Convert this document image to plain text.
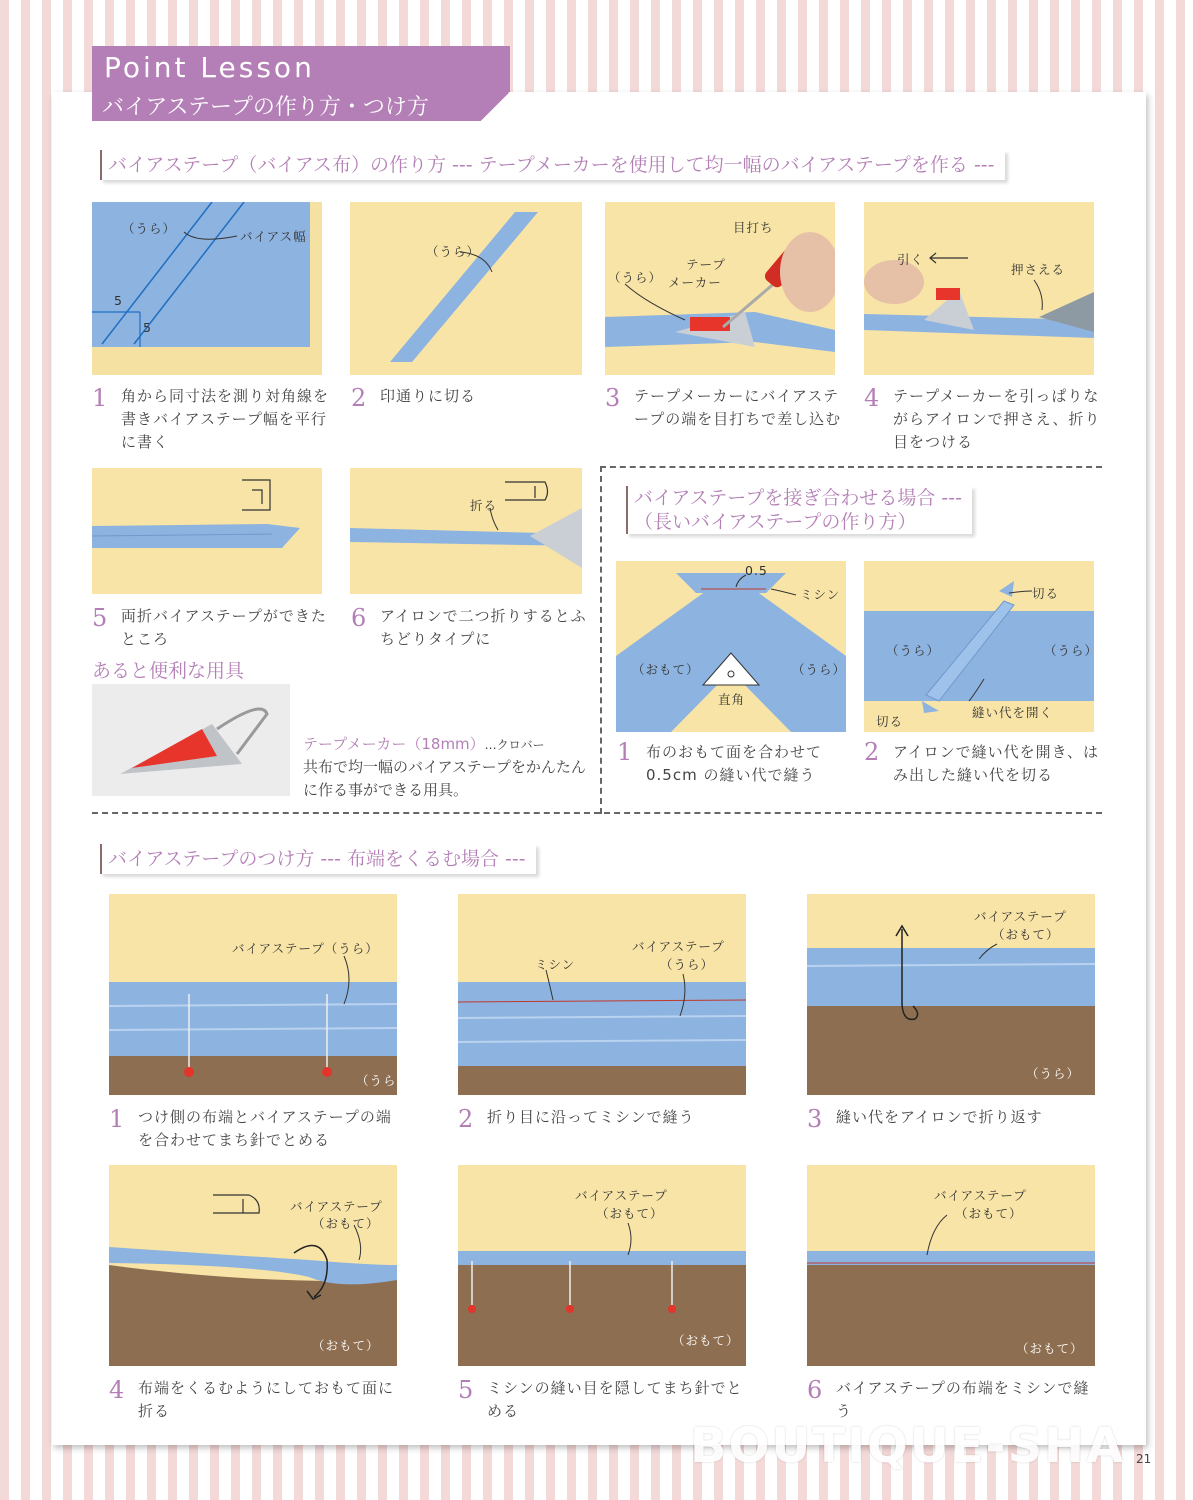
Point Lesson
バイアステープの作り方・つけ方
バイアステープ（バイアス布）の作り方 --- テープメーカーを使用して均一幅のバイアステープを作る ---
（うら）
バイアス幅
5
5
1 角から同寸法を測り対角線を書きバイアステープ幅を平行に書く
（うら）
2 印通りに切る
目打ち
テープ
メーカー
（うら）
3 テープメーカーにバイアステープの端を目打ちで差し込む
引く
押さえる
4 テープメーカーを引っぱりながらアイロンで押さえ、折り目をつける
5 両折バイアステープができたところ
折る
6 アイロンで二つ折りするとふちどりタイプに
あると便利な用具
テープメーカー（18mm）…クロバー
共布で均一幅のバイアステープをかんたんに作る事ができる用具。
バイアステープを接ぎ合わせる場合 ---
（長いバイアステープの作り方）
0.5
ミシン
（おもて）	（うら）
直角
1 布のおもて面を合わせて0.5cm の縫い代で縫う
切る
（うら）	（うら）
切る
縫い代を開く
2 アイロンで縫い代を開き、はみ出した縫い代を切る
バイアステープのつけ方 --- 布端をくるむ場合 ---
バイアステープ（うら）
（うら）
1 つけ側の布端とバイアステープの端を合わせてまち針でとめる
ミシン
バイアステープ
（うら）
2 折り目に沿ってミシンで縫う
バイアステープ
（おもて）
（うら）
3 縫い代をアイロンで折り返す
バイアステープ
（おもて）
（おもて）
4 布端をくるむようにしておもて面に折る
バイアステープ
（おもて）
（おもて）
5 ミシンの縫い目を隠してまち針でとめる
バイアステープ
（おもて）
（おもて）
6 バイアステープの布端をミシンで縫う
BOUTIQUE-SHA 21
